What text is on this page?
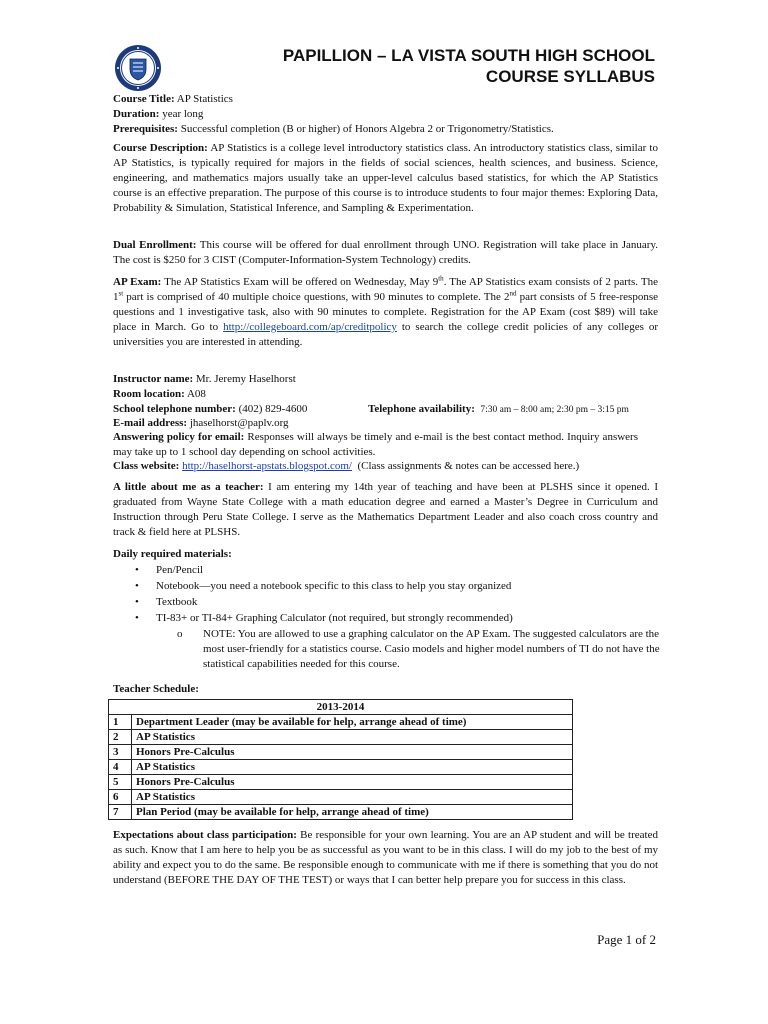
PAPILLION – LA VISTA SOUTH HIGH SCHOOL
COURSE SYLLABUS
Course Title: AP Statistics
Duration: year long
Prerequisites: Successful completion (B or higher) of Honors Algebra 2 or Trigonometry/Statistics.
Course Description: AP Statistics is a college level introductory statistics class. An introductory statistics class, similar to AP Statistics, is typically required for majors in the fields of social sciences, health sciences, and business. Science, engineering, and mathematics majors usually take an upper-level calculus based statistics, for which the AP Statistics course is an effective preparation. The purpose of this course is to introduce students to four major themes: Exploring Data, Probability & Simulation, Statistical Inference, and Sampling & Experimentation.
Dual Enrollment: This course will be offered for dual enrollment through UNO. Registration will take place in January. The cost is $250 for 3 CIST (Computer-Information-System Technology) credits.
AP Exam: The AP Statistics Exam will be offered on Wednesday, May 9th. The AP Statistics exam consists of 2 parts. The 1st part is comprised of 40 multiple choice questions, with 90 minutes to complete. The 2nd part consists of 5 free-response questions and 1 investigative task, also with 90 minutes to complete. Registration for the AP Exam (cost $89) will take place in March. Go to http://collegeboard.com/ap/creditpolicy to search the college credit policies of any colleges or universities you are interested in attending.
Instructor name: Mr. Jeremy Haselhorst
Room location: A08
School telephone number: (402) 829-4600	Telephone availability: 7:30 am – 8:00 am; 2:30 pm – 3:15 pm
E-mail address: jhaselhorst@paplv.org
Answering policy for email: Responses will always be timely and e-mail is the best contact method. Inquiry answers may take up to 1 school day depending on school activities.
Class website: http://haselhorst-apstats.blogspot.com/ (Class assignments & notes can be accessed here.)
A little about me as a teacher: I am entering my 14th year of teaching and have been at PLSHS since it opened. I graduated from Wayne State College with a math education degree and earned a Master’s Degree in Curriculum and Instruction through Peru State College. I serve as the Mathematics Department Leader and also coach cross country and track & field here at PLSHS.
Daily required materials:
• Pen/Pencil
• Notebook—you need a notebook specific to this class to help you stay organized
• Textbook
• TI-83+ or TI-84+ Graphing Calculator (not required, but strongly recommended)
o NOTE: You are allowed to use a graphing calculator on the AP Exam. The suggested calculators are the most user-friendly for a statistics course. Casio models and higher model numbers of TI do not have the statistical capabilities needed for this course.
Teacher Schedule:
2013-2014	
1	Department Leader (may be available for help, arrange ahead of time)
2	AP Statistics
3	Honors Pre-Calculus
4	AP Statistics
5	Honors Pre-Calculus
6	AP Statistics
7	Plan Period (may be available for help, arrange ahead of time)
Expectations about class participation: Be responsible for your own learning. You are an AP student and will be treated as such. Know that I am here to help you be as successful as you want to be in this class. I will do my job to the best of my ability and expect you to do the same. Be responsible enough to communicate with me if there is something that you do not understand (BEFORE THE DAY OF THE TEST) or ways that I can better help prepare you for success in this class.
Page 1 of 2
